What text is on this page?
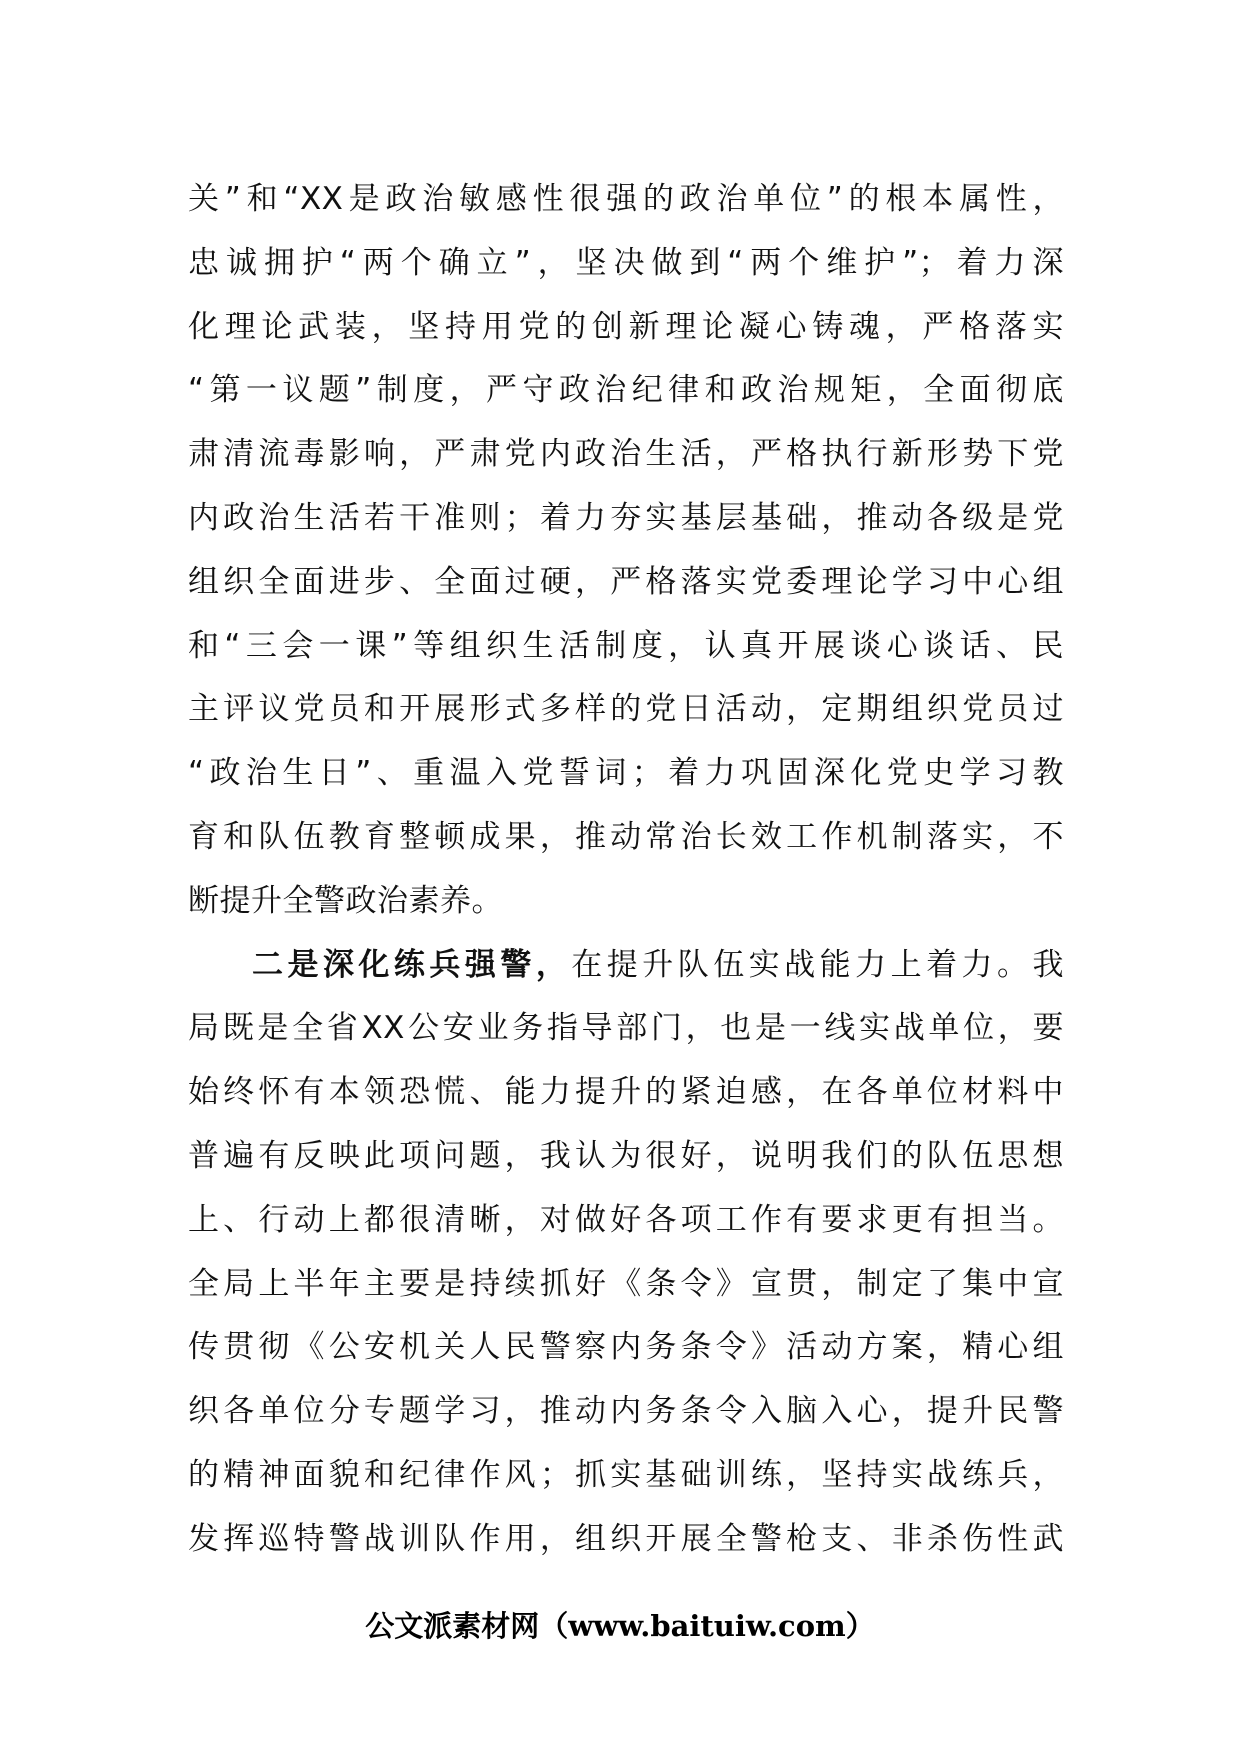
关”和“XX是政治敏感性很强的政治单位”的根本属性，
忠诚拥护“两个确立”，坚决做到“两个维护”；着力深
化理论武装，坚持用党的创新理论凝心铸魂，严格落实
“第一议题”制度，严守政治纪律和政治规矩，全面彻底
肃清流毒影响，严肃党内政治生活，严格执行新形势下党
内政治生活若干准则；着力夯实基层基础，推动各级是党
组织全面进步、全面过硬，严格落实党委理论学习中心组
和“三会一课”等组织生活制度，认真开展谈心谈话、民
主评议党员和开展形式多样的党日活动，定期组织党员过
“政治生日”、重温入党誓词；着力巩固深化党史学习教
育和队伍教育整顿成果，推动常治长效工作机制落实，不
断提升全警政治素养。
二是深化练兵强警，在提升队伍实战能力上着力。我
局既是全省XX公安业务指导部门，也是一线实战单位，要
始终怀有本领恐慌、能力提升的紧迫感，在各单位材料中
普遍有反映此项问题，我认为很好，说明我们的队伍思想
上、行动上都很清晰，对做好各项工作有要求更有担当。
全局上半年主要是持续抓好《条令》宣贯，制定了集中宣
传贯彻《公安机关人民警察内务条令》活动方案，精心组
织各单位分专题学习，推动内务条令入脑入心，提升民警
的精神面貌和纪律作风；抓实基础训练，坚持实战练兵，
发挥巡特警战训队作用，组织开展全警枪支、非杀伤性武
公文派素材网（www.baituiw.com）
